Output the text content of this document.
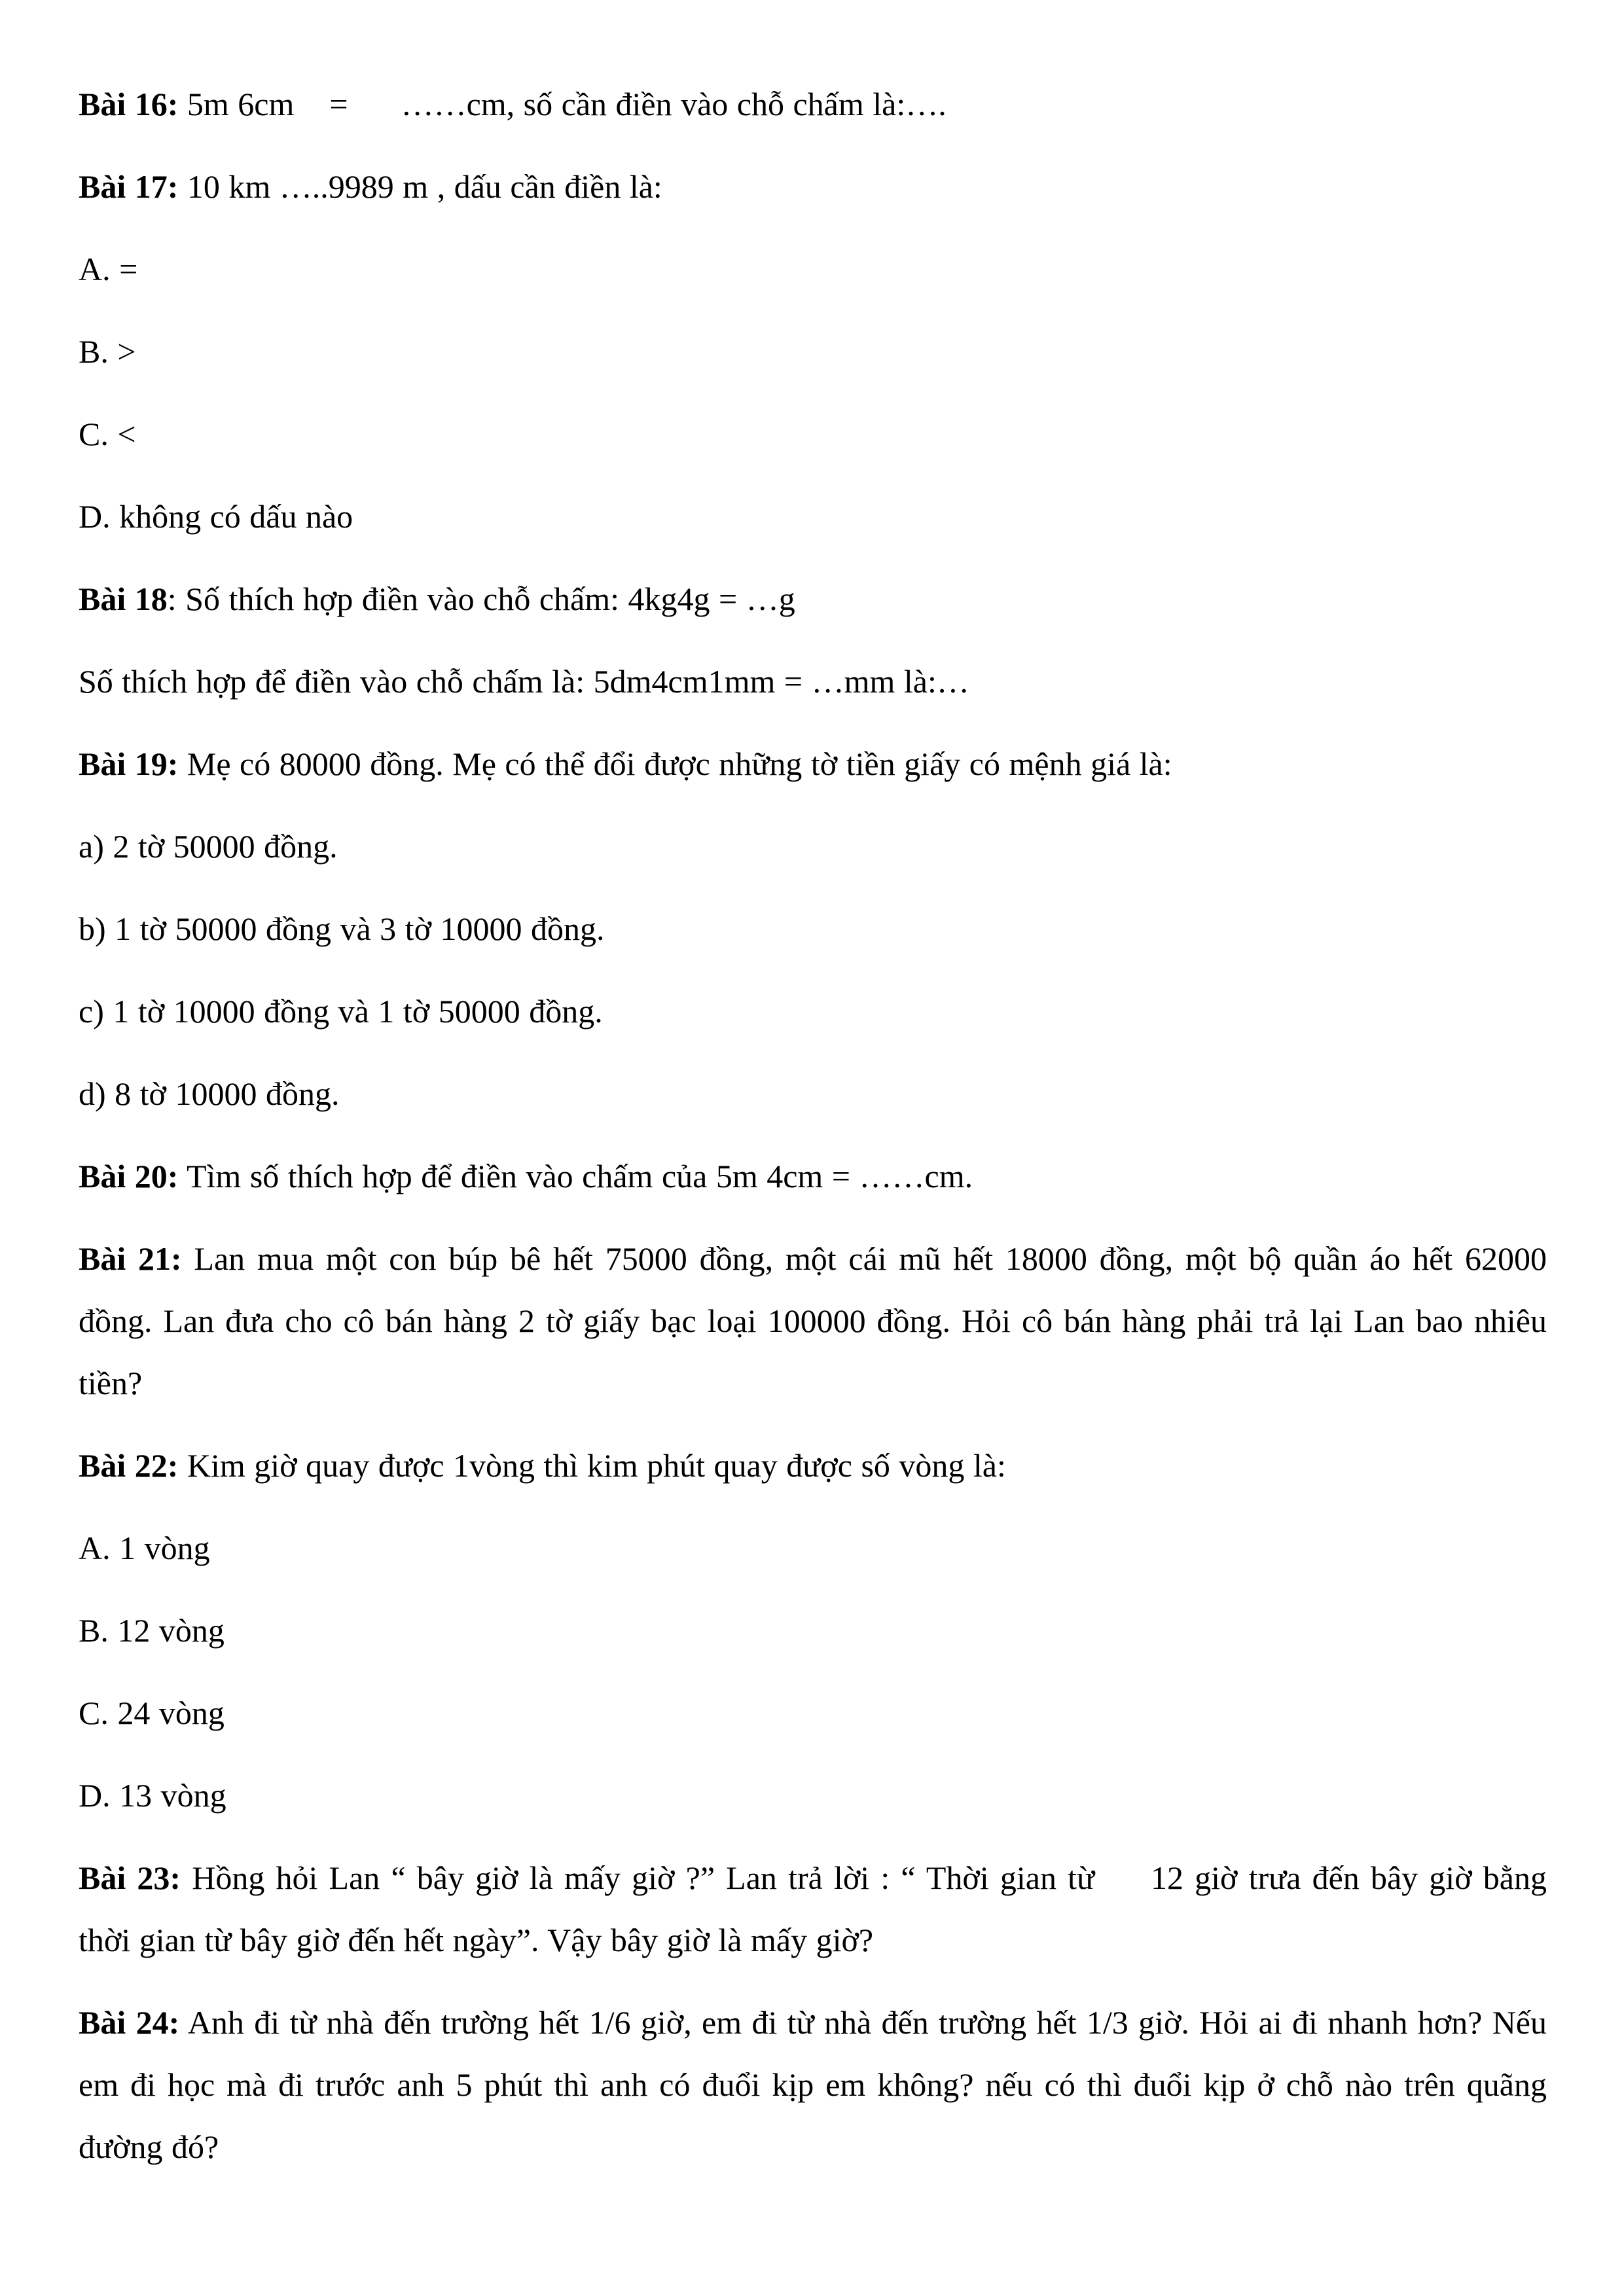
Bài 16: 5m 6cm    =      ……cm, số cần điền vào chỗ chấm là:….

Bài 17: 10 km …..9989 m , dấu cần điền là:

A. =

B. >

C. <

D. không có dấu nào

Bài 18: Số thích hợp điền vào chỗ chấm: 4kg4g = …g

Số thích hợp để điền vào chỗ chấm là: 5dm4cm1mm = …mm là:…

Bài 19: Mẹ có 80000 đồng. Mẹ có thể đổi được những tờ tiền giấy có mệnh giá là:

a) 2 tờ 50000 đồng.

b) 1 tờ 50000 đồng và 3 tờ 10000 đồng.

c) 1 tờ 10000 đồng và 1 tờ 50000 đồng.

d) 8 tờ 10000 đồng.

Bài 20: Tìm số thích hợp để điền vào chấm của 5m 4cm = ……cm.

Bài 21: Lan mua một con búp bê hết 75000 đồng, một cái mũ hết 18000 đồng, một bộ quần áo hết 62000 đồng. Lan đưa cho cô bán hàng 2 tờ giấy bạc loại 100000 đồng. Hỏi cô bán hàng phải trả lại Lan bao nhiêu tiền?

Bài 22: Kim giờ quay được 1vòng thì kim phút quay được số vòng là:

A. 1 vòng

B. 12 vòng

C. 24 vòng

D. 13 vòng

Bài 23: Hồng hỏi Lan “ bây giờ là mấy giờ ?” Lan trả lời : “ Thời gian từ     12 giờ trưa đến bây giờ bằng    thời gian từ bây giờ đến hết ngày”. Vậy bây giờ là mấy giờ?

Bài 24: Anh đi từ nhà đến trường hết 1/6 giờ, em đi từ nhà đến trường hết 1/3 giờ. Hỏi ai đi nhanh hơn? Nếu em đi học mà đi trước anh 5 phút thì anh có đuổi kịp em không? nếu có thì đuổi kịp ở chỗ nào trên quãng đường đó?
